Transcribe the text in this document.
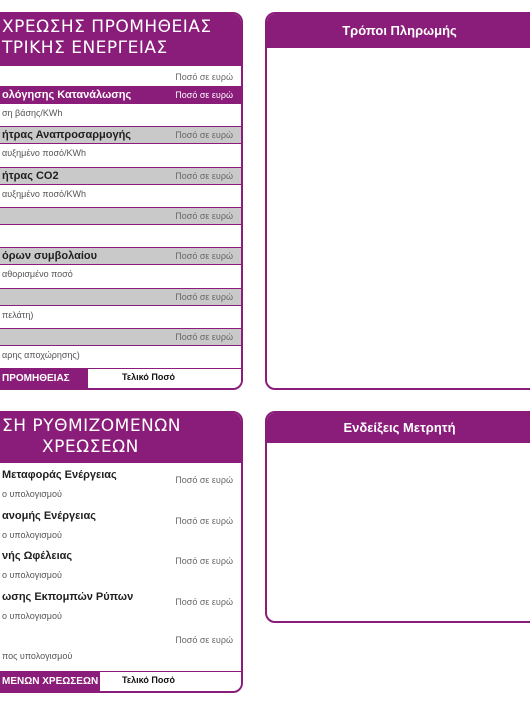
ΧΡΕΩΣΗΣ ΠΡΟΜΗΘΕΙΑΣ
ΤΡΙΚΗΣ ΕΝΕΡΓΕΙΑΣ
Ποσό σε ευρώ
ολόγησης Κατανάλωσης	Ποσό σε ευρώ
ση βάσης/KWh
ήτρας Αναπροσαρμογής	Ποσό σε ευρώ
αυξημένο ποσό/KWh
ήτρας CO2	Ποσό σε ευρώ
αυξημένο ποσό/KWh
Ποσό σε ευρώ
όρων συμβολαίου	Ποσό σε ευρώ
αθορισμένο ποσό
Ποσό σε ευρώ
πελάτη)
Ποσό σε ευρώ
αρης αποχώρησης)
ΠΡΟΜΗΘΕΙΑΣ	Τελικό Ποσό
Τρόποι Πληρωμής
ΣΗ ΡΥΘΜΙΖΟΜΕΝΩΝ
ΧΡΕΩΣΕΩΝ
Μεταφοράς Ενέργειας	Ποσό σε ευρώ
ο υπολογισμού
ανομής Ενέργειας	Ποσό σε ευρώ
ο υπολογισμού
νής Ωφέλειας	Ποσό σε ευρώ
ο υπολογισμού
ωσης Εκπομπών Ρύπων	Ποσό σε ευρώ
ο υπολογισμού
Ποσό σε ευρώ
πος υπολογισμού
ΜΕΝΩΝ ΧΡΕΩΣΕΩΝ	Τελικό Ποσό
Ενδείξεις Μετρητή
